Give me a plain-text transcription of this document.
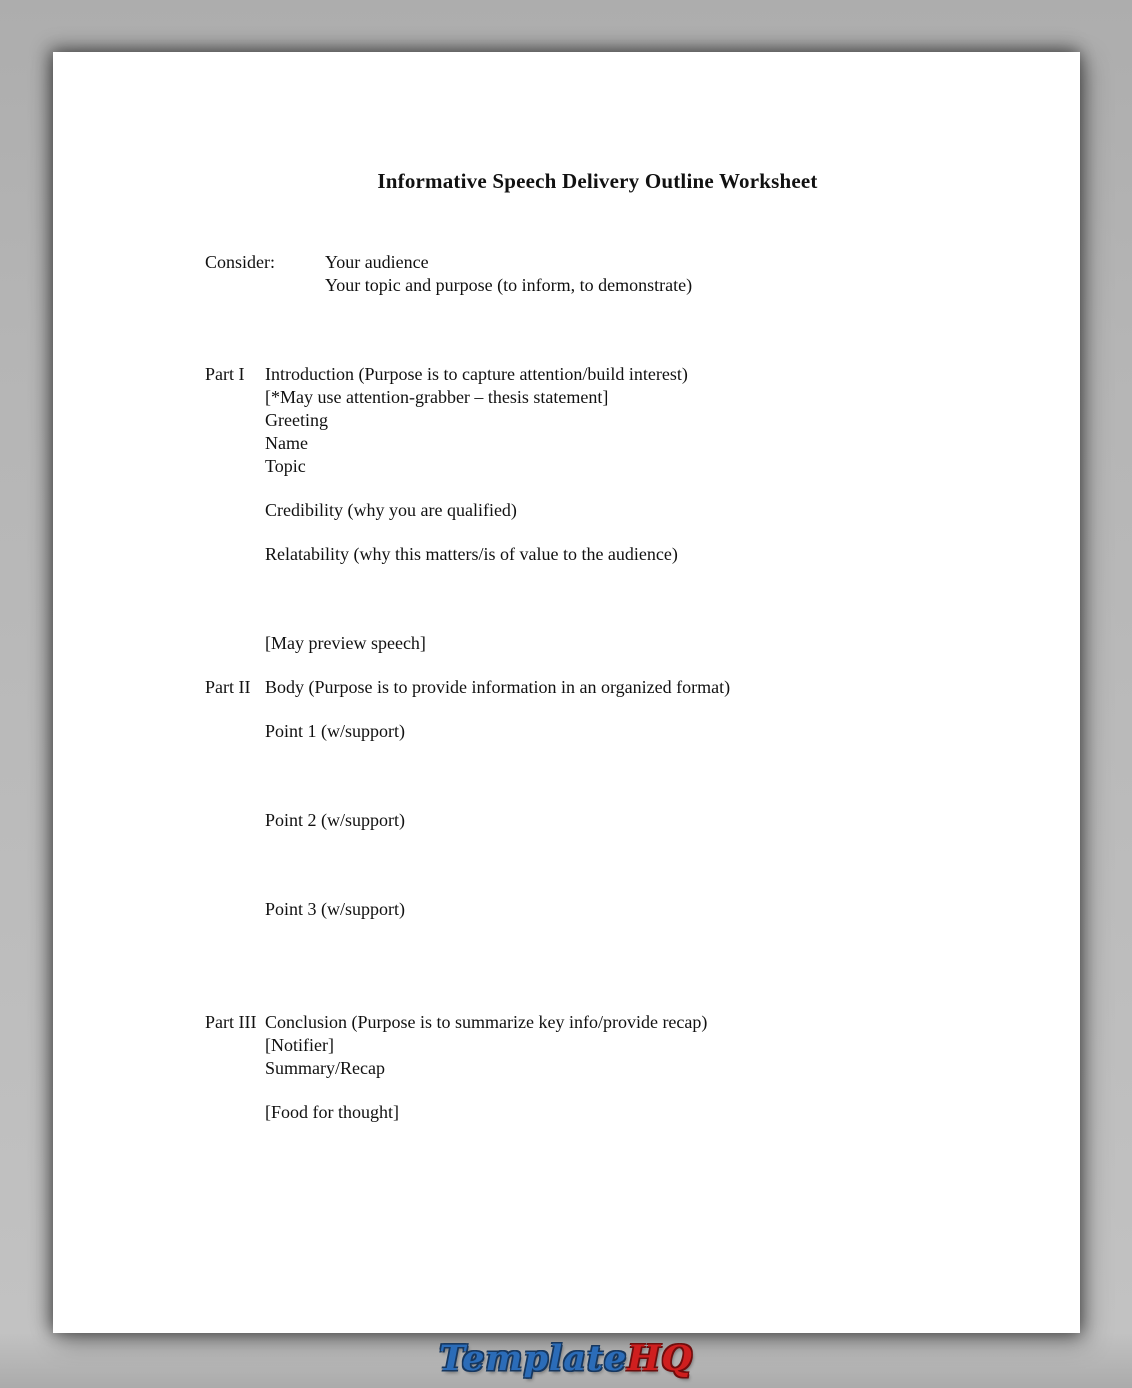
Informative Speech Delivery Outline Worksheet
Consider:	Your audience
Your topic and purpose (to inform, to demonstrate)
Part I	Introduction (Purpose is to capture attention/build interest)
[*May use attention-grabber – thesis statement]
Greeting
Name
Topic
Credibility (why you are qualified)
Relatability (why this matters/is of value to the audience)
[May preview speech]
Part II Body (Purpose is to provide information in an organized format)
Point 1 (w/support)
Point 2 (w/support)
Point 3 (w/support)
Part III Conclusion (Purpose is to summarize key info/provide recap)
[Notifier]
Summary/Recap
[Food for thought]
TemplateHQ
